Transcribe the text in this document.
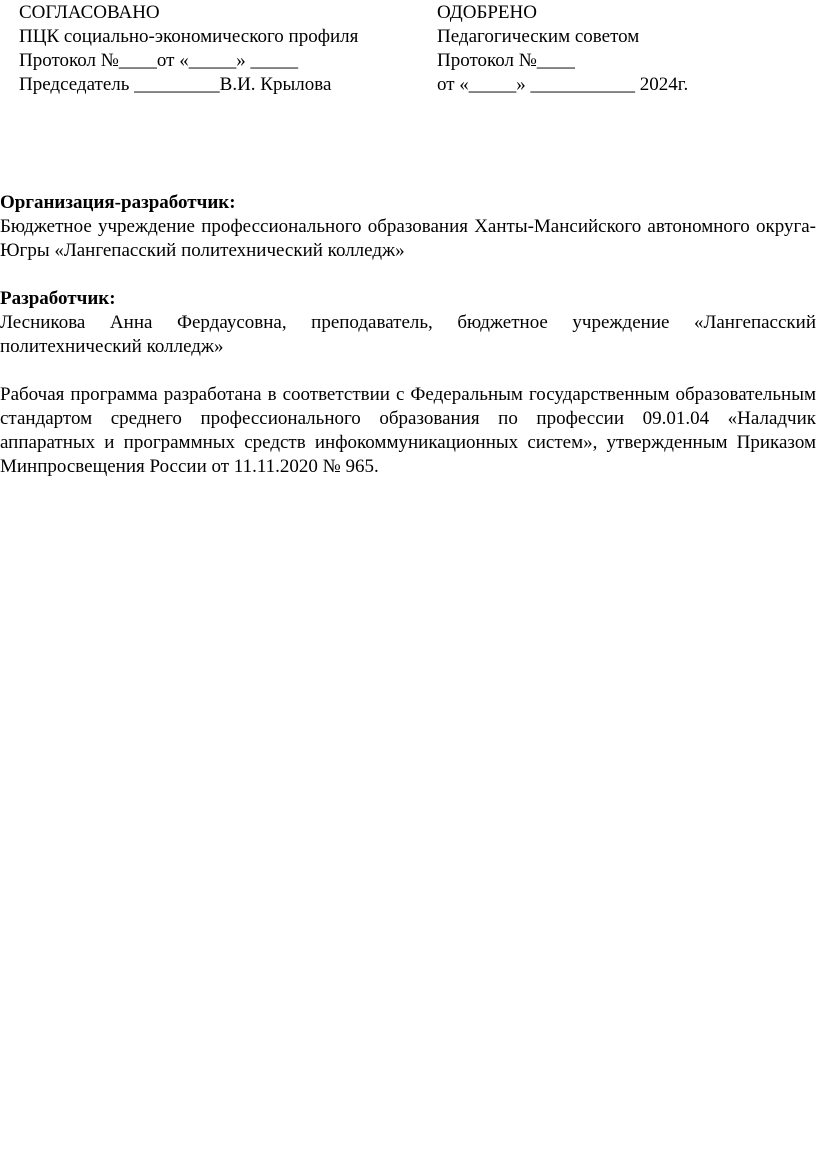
СОГЛАСОВАНО
ПЦК социально-экономического профиля
Протокол №____от «_____» _____
Председатель _________В.И. Крылова
ОДОБРЕНО
Педагогическим советом
Протокол №____
от «_____» ___________ 2024г.

Организация-разработчик:

Бюджетное учреждение профессионального образования Ханты-Мансийского автономного округа-Югры «Лангепасский политехнический колледж»

Разработчик:

Лесникова Анна Фердаусовна, преподаватель, бюджетное учреждение «Лангепасский политехнический колледж»

Рабочая программа разработана в соответствии с Федеральным государственным образовательным стандартом среднего профессионального образования по профессии 09.01.04 «Наладчик аппаратных и программных средств инфокоммуникационных систем», утвержденным Приказом Минпросвещения России от 11.11.2020 № 965.
